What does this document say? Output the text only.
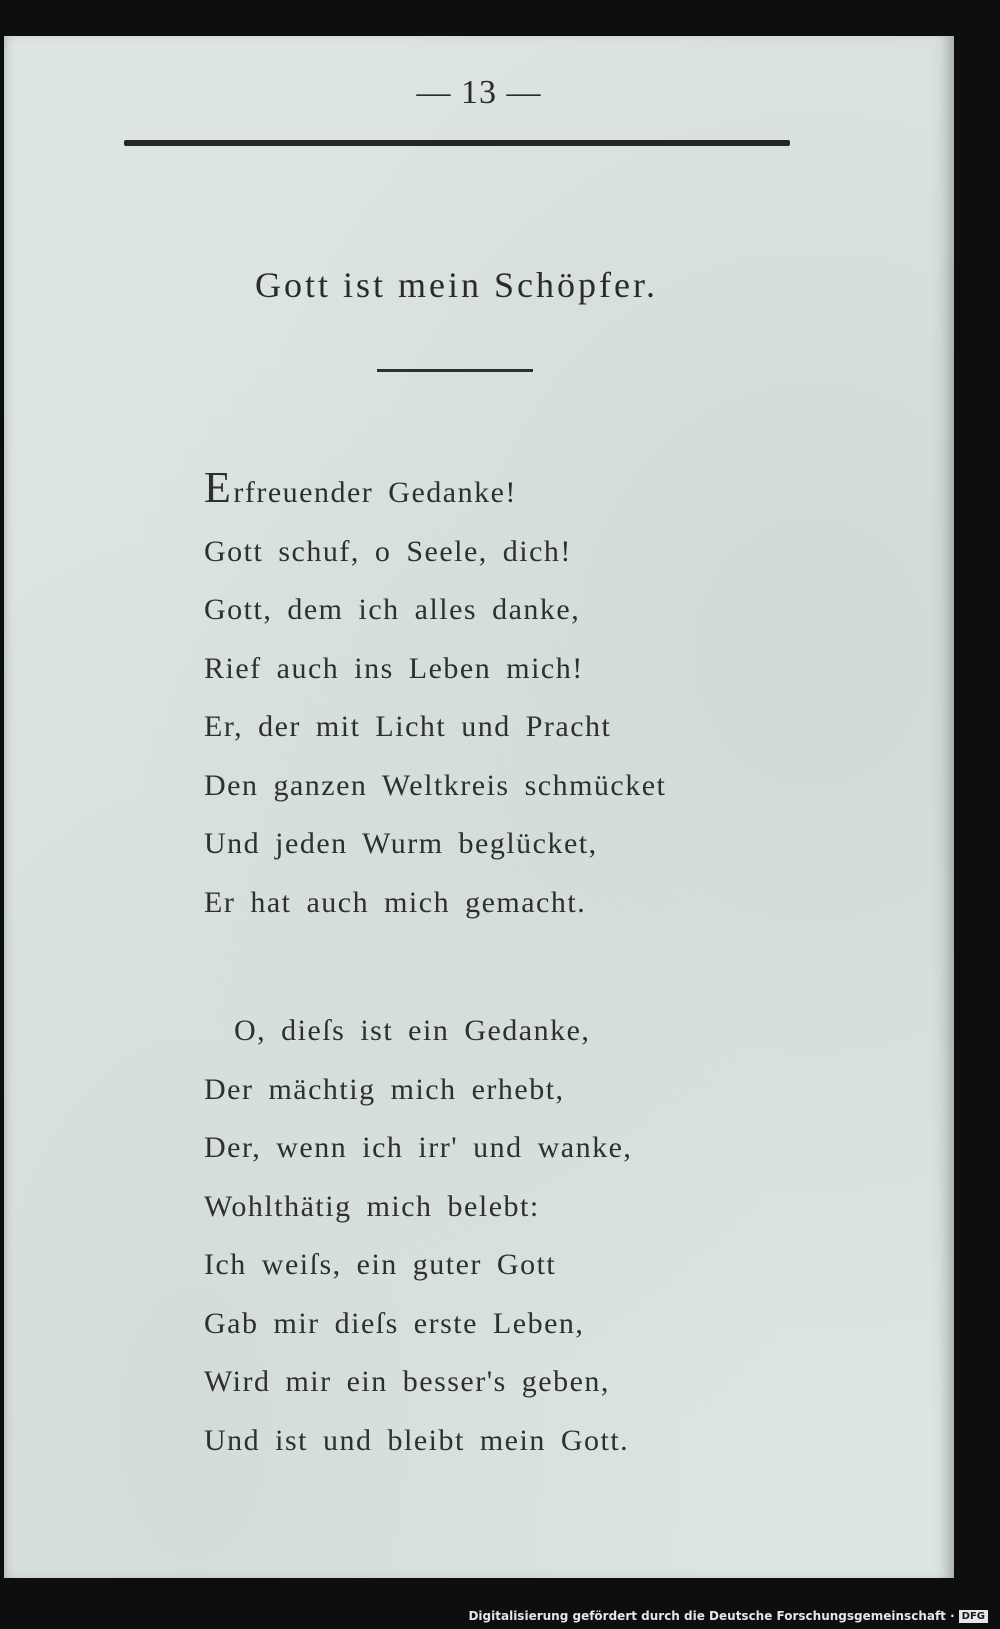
— 13 —
Gott ist mein Schöpfer.
Erfreuender Gedanke!
Gott schuf, o Seele, dich!
Gott, dem ich alles danke,
Rief auch ins Leben mich!
Er, der mit Licht und Pracht
Den ganzen Weltkreis schmücket
Und jeden Wurm beglücket,
Er hat auch mich gemacht.
O, dieſs ist ein Gedanke,
Der mächtig mich erhebt,
Der, wenn ich irr' und wanke,
Wohlthätig mich belebt:
Ich weiſs, ein guter Gott
Gab mir dieſs erste Leben,
Wird mir ein besser's geben,
Und ist und bleibt mein Gott.
Digitalisierung gefördert durch die Deutsche Forschungsgemeinschaft · DFG
